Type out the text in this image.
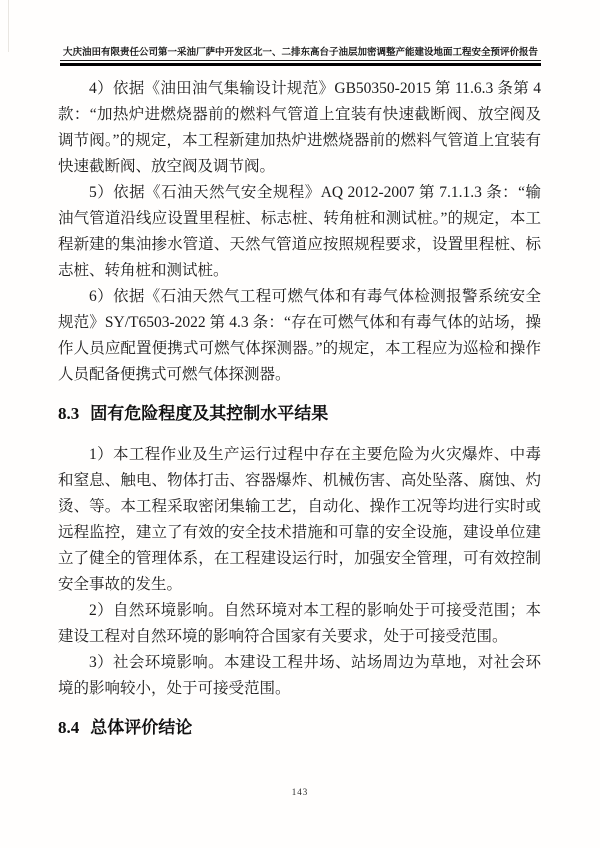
大庆油田有限责任公司第一采油厂萨中开发区北一、二排东高台子油层加密调整产能建设地面工程安全预评价报告

4）依据《油田油气集输设计规范》GB50350-2015 第 11.6.3 条第 4 款：“加热炉进燃烧器前的燃料气管道上宜装有快速截断阀、放空阀及调节阀。”的规定，本工程新建加热炉进燃烧器前的燃料气管道上宜装有快速截断阀、放空阀及调节阀。

5）依据《石油天然气安全规程》AQ 2012-2007 第 7.1.1.3 条：“输油气管道沿线应设置里程桩、标志桩、转角桩和测试桩。”的规定，本工程新建的集油掺水管道、天然气管道应按照规程要求，设置里程桩、标志桩、转角桩和测试桩。

6）依据《石油天然气工程可燃气体和有毒气体检测报警系统安全规范》SY/T6503-2022 第 4.3 条：“存在可燃气体和有毒气体的站场，操作人员应配置便携式可燃气体探测器。”的规定，本工程应为巡检和操作人员配备便携式可燃气体探测器。

8.3 固有危险程度及其控制水平结果

1）本工程作业及生产运行过程中存在主要危险为火灾爆炸、中毒和窒息、触电、物体打击、容器爆炸、机械伤害、高处坠落、腐蚀、灼烫、等。本工程采取密闭集输工艺，自动化、操作工况等均进行实时或远程监控，建立了有效的安全技术措施和可靠的安全设施，建设单位建立了健全的管理体系，在工程建设运行时，加强安全管理，可有效控制安全事故的发生。

2）自然环境影响。自然环境对本工程的影响处于可接受范围；本建设工程对自然环境的影响符合国家有关要求，处于可接受范围。

3）社会环境影响。本建设工程井场、站场周边为草地，对社会环境的影响较小，处于可接受范围。

8.4 总体评价结论
143
